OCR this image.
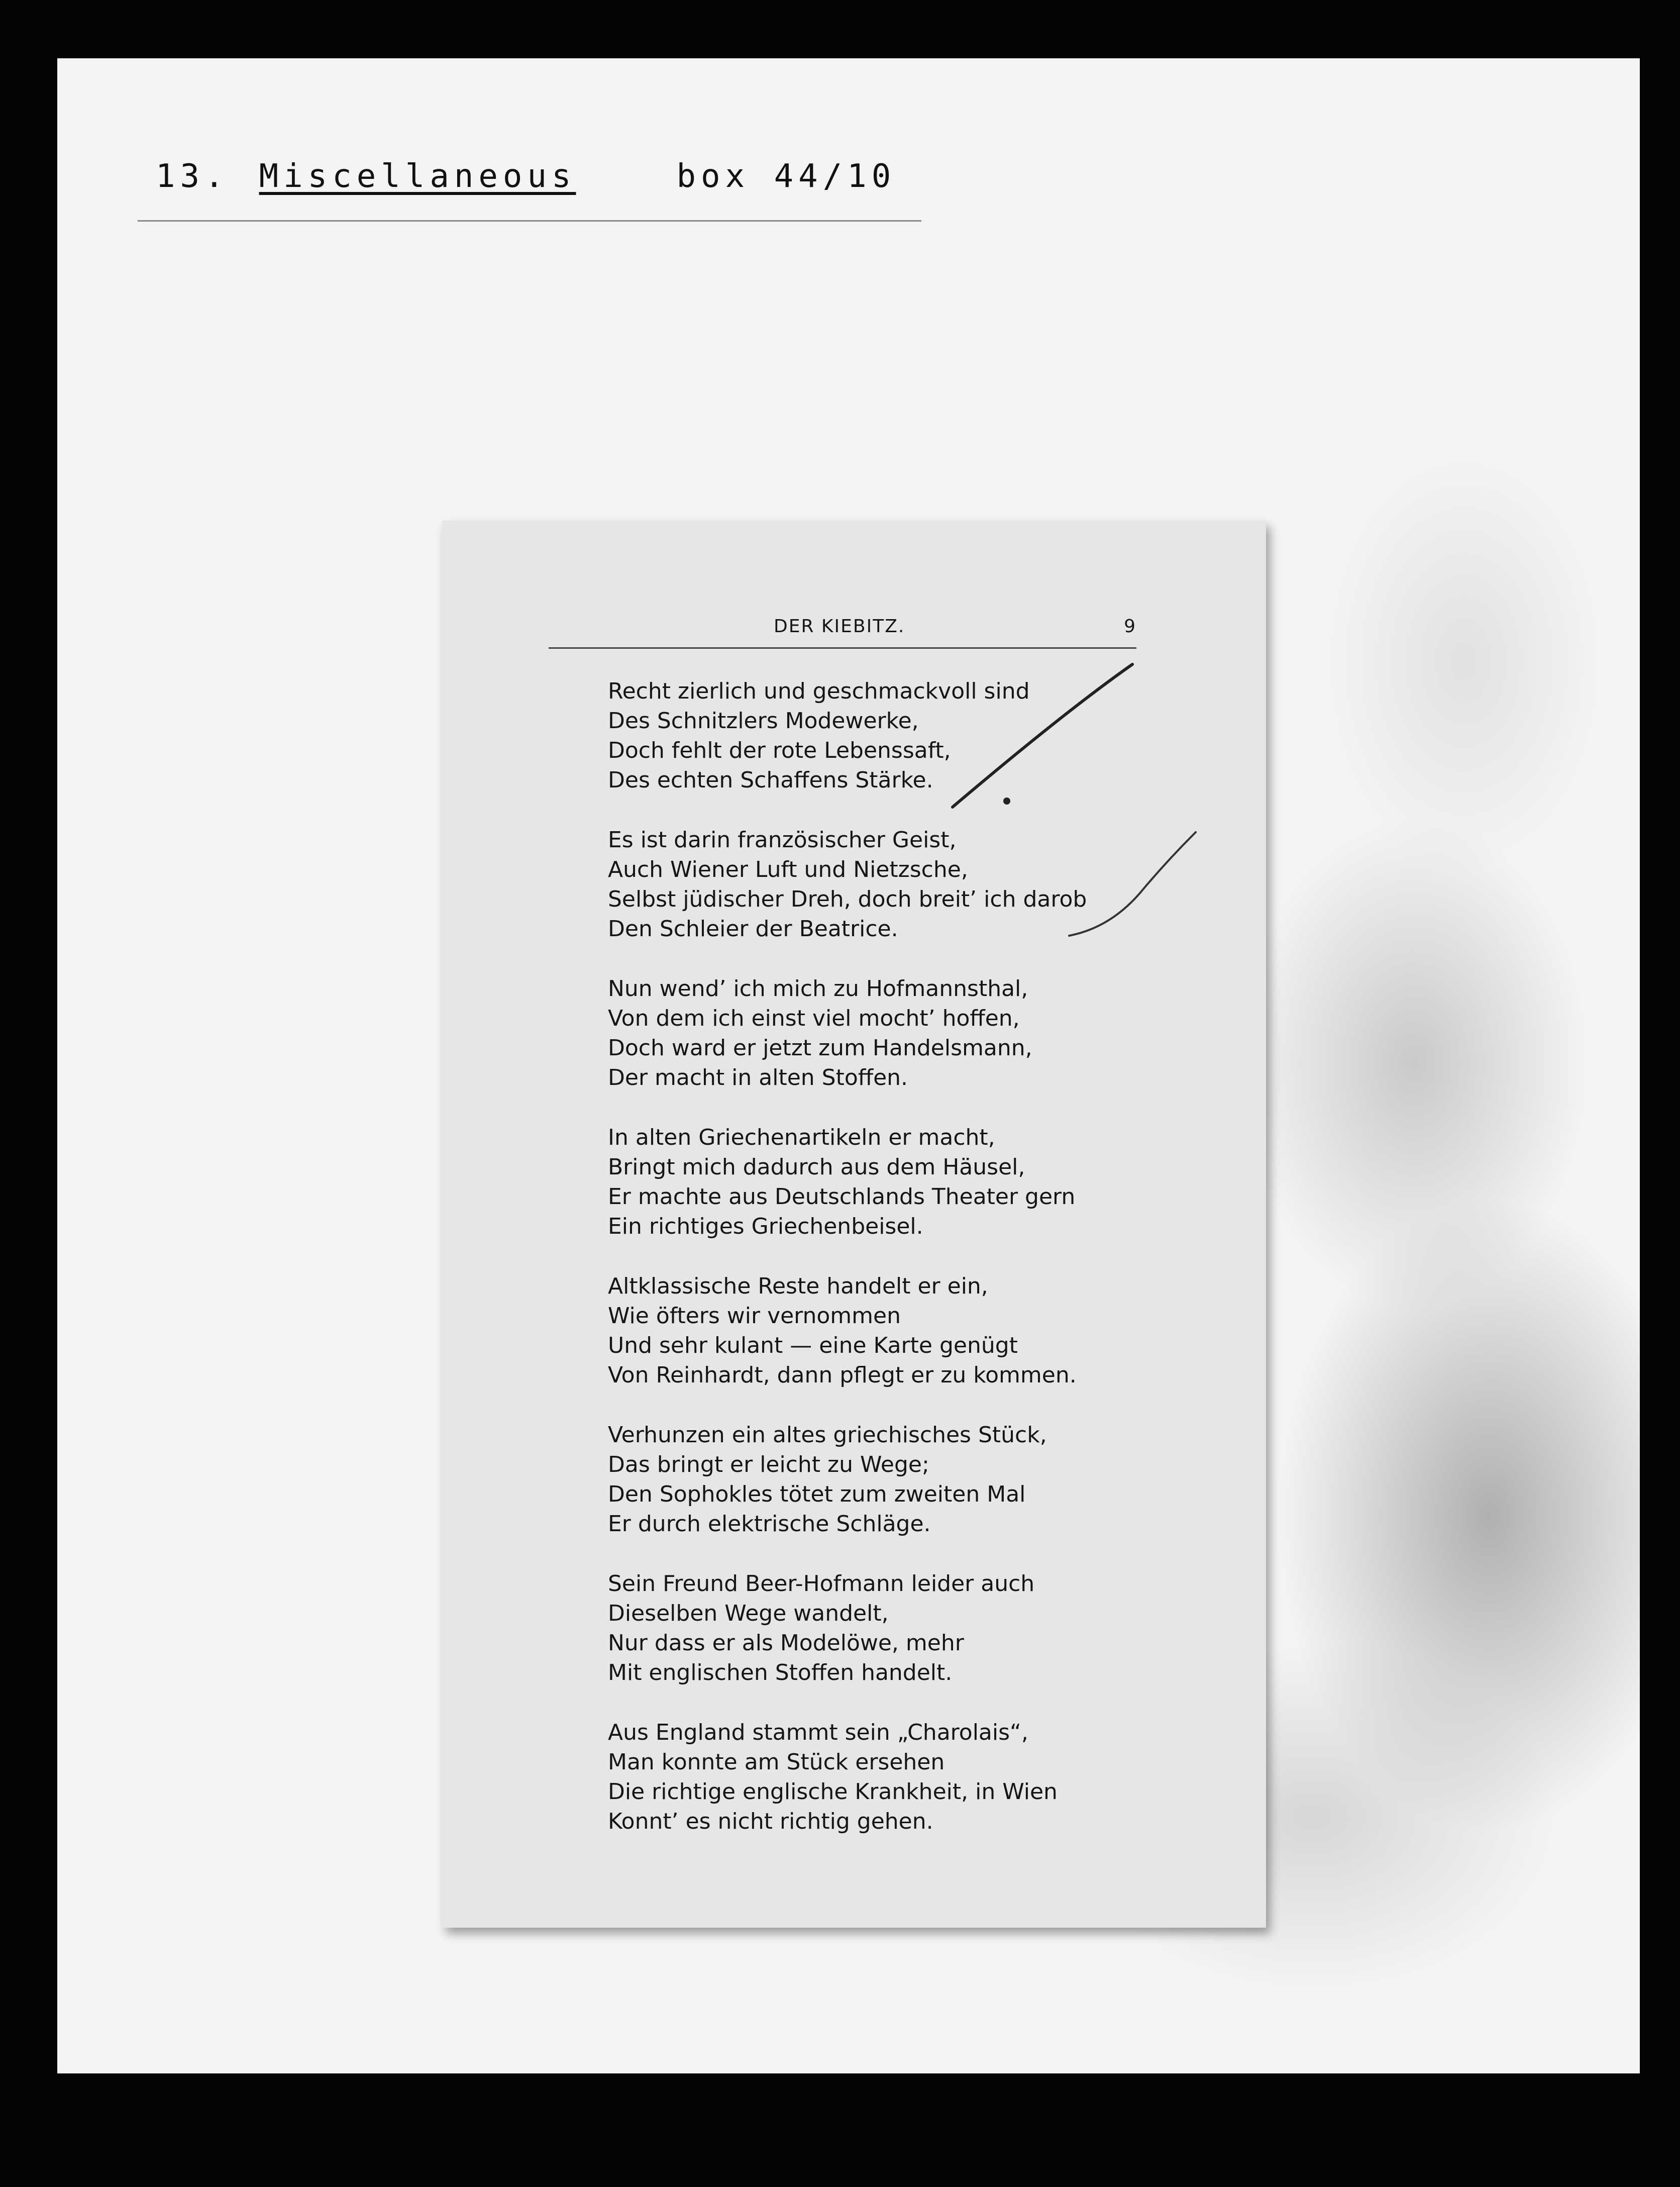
13. Miscellaneous	box 44/10
DER KIEBITZ.	9
Recht zierlich und geschmackvoll sind
Des Schnitzlers Modewerke,
Doch fehlt der rote Lebenssaft,
Des echten Schaffens Stärke.
Es ist darin französischer Geist,
Auch Wiener Luft und Nietzsche,
Selbst jüdischer Dreh, doch breit’ ich darob
Den Schleier der Beatrice.
Nun wend’ ich mich zu Hofmannsthal,
Von dem ich einst viel mocht’ hoffen,
Doch ward er jetzt zum Handelsmann,
Der macht in alten Stoffen.
In alten Griechenartikeln er macht,
Bringt mich dadurch aus dem Häusel,
Er machte aus Deutschlands Theater gern
Ein richtiges Griechenbeisel.
Altklassische Reste handelt er ein,
Wie öfters wir vernommen
Und sehr kulant — eine Karte genügt
Von Reinhardt, dann pflegt er zu kommen.
Verhunzen ein altes griechisches Stück,
Das bringt er leicht zu Wege;
Den Sophokles tötet zum zweiten Mal
Er durch elektrische Schläge.
Sein Freund Beer-Hofmann leider auch
Dieselben Wege wandelt,
Nur dass er als Modelöwe, mehr
Mit englischen Stoffen handelt.
Aus England stammt sein „Charolais“,
Man konnte am Stück ersehen
Die richtige englische Krankheit, in Wien
Konnt’ es nicht richtig gehen.
